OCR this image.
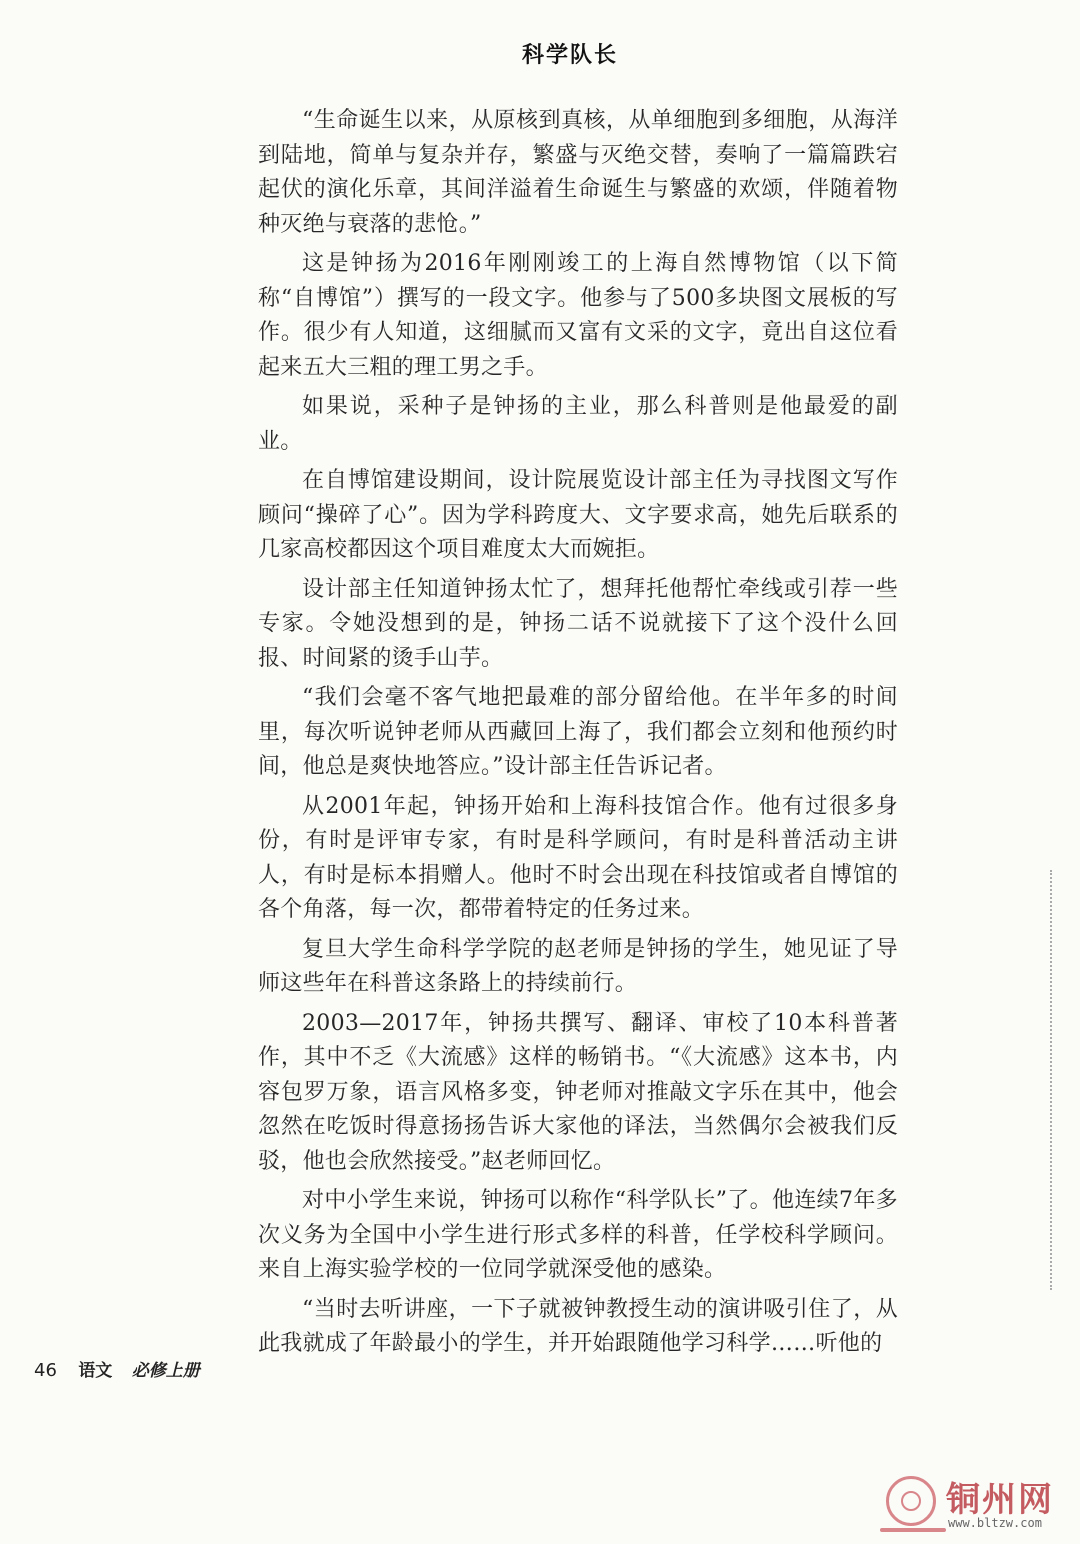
科学队长

“生命诞生以来，从原核到真核，从单细胞到多细胞，从海洋到陆地，简单与复杂并存，繁盛与灭绝交替，奏响了一篇篇跌宕起伏的演化乐章，其间洋溢着生命诞生与繁盛的欢颂，伴随着物种灭绝与衰落的悲怆。”

这是钟扬为2016年刚刚竣工的上海自然博物馆（以下简称“自博馆”）撰写的一段文字。他参与了500多块图文展板的写作。很少有人知道，这细腻而又富有文采的文字，竟出自这位看起来五大三粗的理工男之手。

如果说，采种子是钟扬的主业，那么科普则是他最爱的副业。

在自博馆建设期间，设计院展览设计部主任为寻找图文写作顾问“操碎了心”。因为学科跨度大、文字要求高，她先后联系的几家高校都因这个项目难度太大而婉拒。

设计部主任知道钟扬太忙了，想拜托他帮忙牵线或引荐一些专家。令她没想到的是，钟扬二话不说就接下了这个没什么回报、时间紧的烫手山芋。

“我们会毫不客气地把最难的部分留给他。在半年多的时间里，每次听说钟老师从西藏回上海了，我们都会立刻和他预约时间，他总是爽快地答应。”设计部主任告诉记者。

从2001年起，钟扬开始和上海科技馆合作。他有过很多身份，有时是评审专家，有时是科学顾问，有时是科普活动主讲人，有时是标本捐赠人。他时不时会出现在科技馆或者自博馆的各个角落，每一次，都带着特定的任务过来。

复旦大学生命科学学院的赵老师是钟扬的学生，她见证了导师这些年在科普这条路上的持续前行。

2003—2017年，钟扬共撰写、翻译、审校了10本科普著作，其中不乏《大流感》这样的畅销书。“《大流感》这本书，内容包罗万象，语言风格多变，钟老师对推敲文字乐在其中，他会忽然在吃饭时得意扬扬告诉大家他的译法，当然偶尔会被我们反驳，他也会欣然接受。”赵老师回忆。

对中小学生来说，钟扬可以称作“科学队长”了。他连续7年多次义务为全国中小学生进行形式多样的科普，任学校科学顾问。来自上海实验学校的一位同学就深受他的感染。

“当时去听讲座，一下子就被钟教授生动的演讲吸引住了，从此我就成了年龄最小的学生，并开始跟随他学习科学……听他的

46 语文 必修上册
铜州网
www.bltzw.com
